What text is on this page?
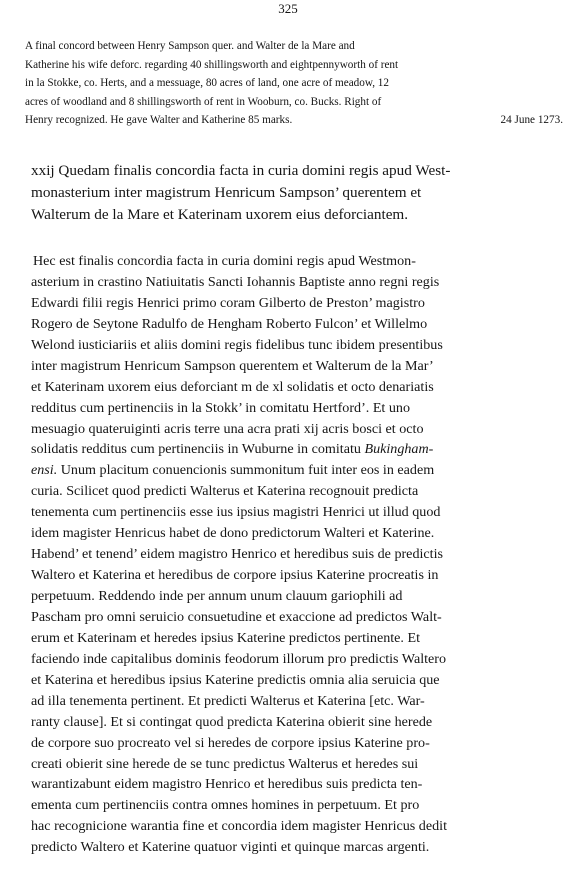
325
A final concord between Henry Sampson quer. and Walter de la Mare and
Katherine his wife deforc. regarding 40 shillingsworth and eightpennyworth of rent
in la Stokke, co. Herts, and a messuage, 80 acres of land, one acre of meadow, 12
acres of woodland and 8 shillingsworth of rent in Wooburn, co. Bucks. Right of
Henry recognized. He gave Walter and Katherine 85 marks.	24 June 1273.
xxij Quedam finalis concordia facta in curia domini regis apud West-
monasterium inter magistrum Henricum Sampson’ querentem et
Walterum de la Mare et Katerinam uxorem eius deforciantem.
Hec est finalis concordia facta in curia domini regis apud Westmon-
asterium in crastino Natiuitatis Sancti Iohannis Baptiste anno regni regis
Edwardi filii regis Henrici primo coram Gilberto de Preston’ magistro
Rogero de Seytone Radulfo de Hengham Roberto Fulcon’ et Willelmo
Welond iusticiariis et aliis domini regis fidelibus tunc ibidem presentibus
inter magistrum Henricum Sampson querentem et Walterum de la Mar’
et Katerinam uxorem eius deforciant m de xl solidatis et octo denariatis
redditus cum pertinenciis in la Stokk’ in comitatu Hertford’. Et uno
mesuagio quateruiginti acris terre una acra prati xij acris bosci et octo
solidatis redditus cum pertinenciis in Wuburne in comitatu Bukingham-
ensi. Unum placitum conuencionis summonitum fuit inter eos in eadem
curia. Scilicet quod predicti Walterus et Katerina recognouit predicta
tenementa cum pertinenciis esse ius ipsius magistri Henrici ut illud quod
idem magister Henricus habet de dono predictorum Walteri et Katerine.
Habend’ et tenend’ eidem magistro Henrico et heredibus suis de predictis
Waltero et Katerina et heredibus de corpore ipsius Katerine procreatis in
perpetuum. Reddendo inde per annum unum clauum gariophili ad
Pascham pro omni seruicio consuetudine et exaccione ad predictos Walt-
erum et Katerinam et heredes ipsius Katerine predictos pertinente. Et
faciendo inde capitalibus dominis feodorum illorum pro predictis Waltero
et Katerina et heredibus ipsius Katerine predictis omnia alia seruicia que
ad illa tenementa pertinent. Et predicti Walterus et Katerina [etc. War-
ranty clause]. Et si contingat quod predicta Katerina obierit sine herede
de corpore suo procreato vel si heredes de corpore ipsius Katerine pro-
creati obierit sine herede de se tunc predictus Walterus et heredes sui
warantizabunt eidem magistro Henrico et heredibus suis predicta ten-
ementa cum pertinenciis contra omnes homines in perpetuum. Et pro
hac recognicione warantia fine et concordia idem magister Henricus dedit
predicto Waltero et Katerine quatuor viginti et quinque marcas argenti.
